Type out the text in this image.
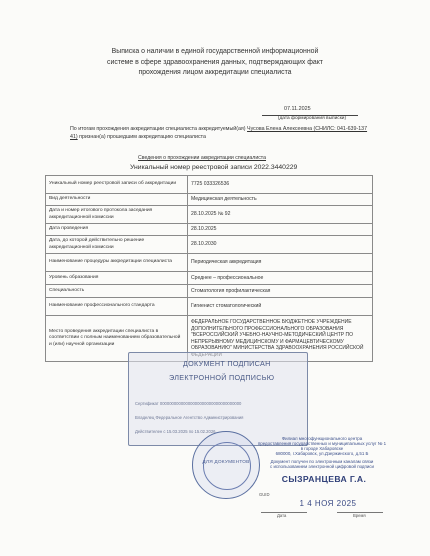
Выписка о наличии в единой государственной информационной
системе в сфере здравоохранения данных, подтверждающих факт
прохождения лицом аккредитации специалиста
07.11.2025
(дата формирования выписки)
По итогам прохождения аккредитации специалиста аккредитуемый(ая) Чусова Елена Алексеевна (СНИЛС: 041-639-137
41) признан(а) прошедшим аккредитацию специалиста
Сведения о прохождении аккредитации специалиста
Уникальный номер реестровой записи 2022.3440229
Уникальный номер реестровой записи об аккредитации	7725 033326536
Вид деятельности	Медицинская деятельность
Дата и номер итогового протокола заседания аккредитационной комиссии	28.10.2025 № 92
Дата проведения	28.10.2025
Дата, до которой действительно решение аккредитационной комиссии	28.10.2030
Наименование процедуры аккредитации специалиста	Периодическая аккредитация
Уровень образования	Среднее – профессиональное
Специальность	Стоматология профилактическая
Наименование профессионального стандарта	Гигиенист стоматологический
Место проведения аккредитации специалиста в соответствии с полным наименованием образовательной и (или) научной организации	ФЕДЕРАЛЬНОЕ ГОСУДАРСТВЕННОЕ БЮДЖЕТНОЕ УЧРЕЖДЕНИЕ ДОПОЛНИТЕЛЬНОГО ПРОФЕССИОНАЛЬНОГО ОБРАЗОВАНИЯ "ВСЕРОССИЙСКИЙ УЧЕБНО-НАУЧНО-МЕТОДИЧЕСКИЙ ЦЕНТР ПО НЕПРЕРЫВНОМУ МЕДИЦИНСКОМУ И ФАРМАЦЕВТИЧЕСКОМУ ОБРАЗОВАНИЮ" МИНИСТЕРСТВА ЗДРАВООХРАНЕНИЯ РОССИЙСКОЙ
ДОКУМЕНТ ПОДПИСАН
ЭЛЕКТРОННОЙ ПОДПИСЬЮ
Сертификат 00000000000000000000000000000000000
Владелец Федеральное Агентство Администрирования
Действителен с 15.03.2025 по 15.02.2026
ДЛЯ ДОКУМЕНТОВ
Филиал многофункционального центра
предоставления государственных и муниципальных услуг № 1
в городе Хабаровске
680000, г.Хабаровск, ул.Дзержинского, д.51 Б
Документ получен по электронным каналам связи
с использованием электронной цифровой подписи
СЫЗРАНЦЕВА Г.А.
GUID
1 4 НОЯ 2025
Дата	Время
